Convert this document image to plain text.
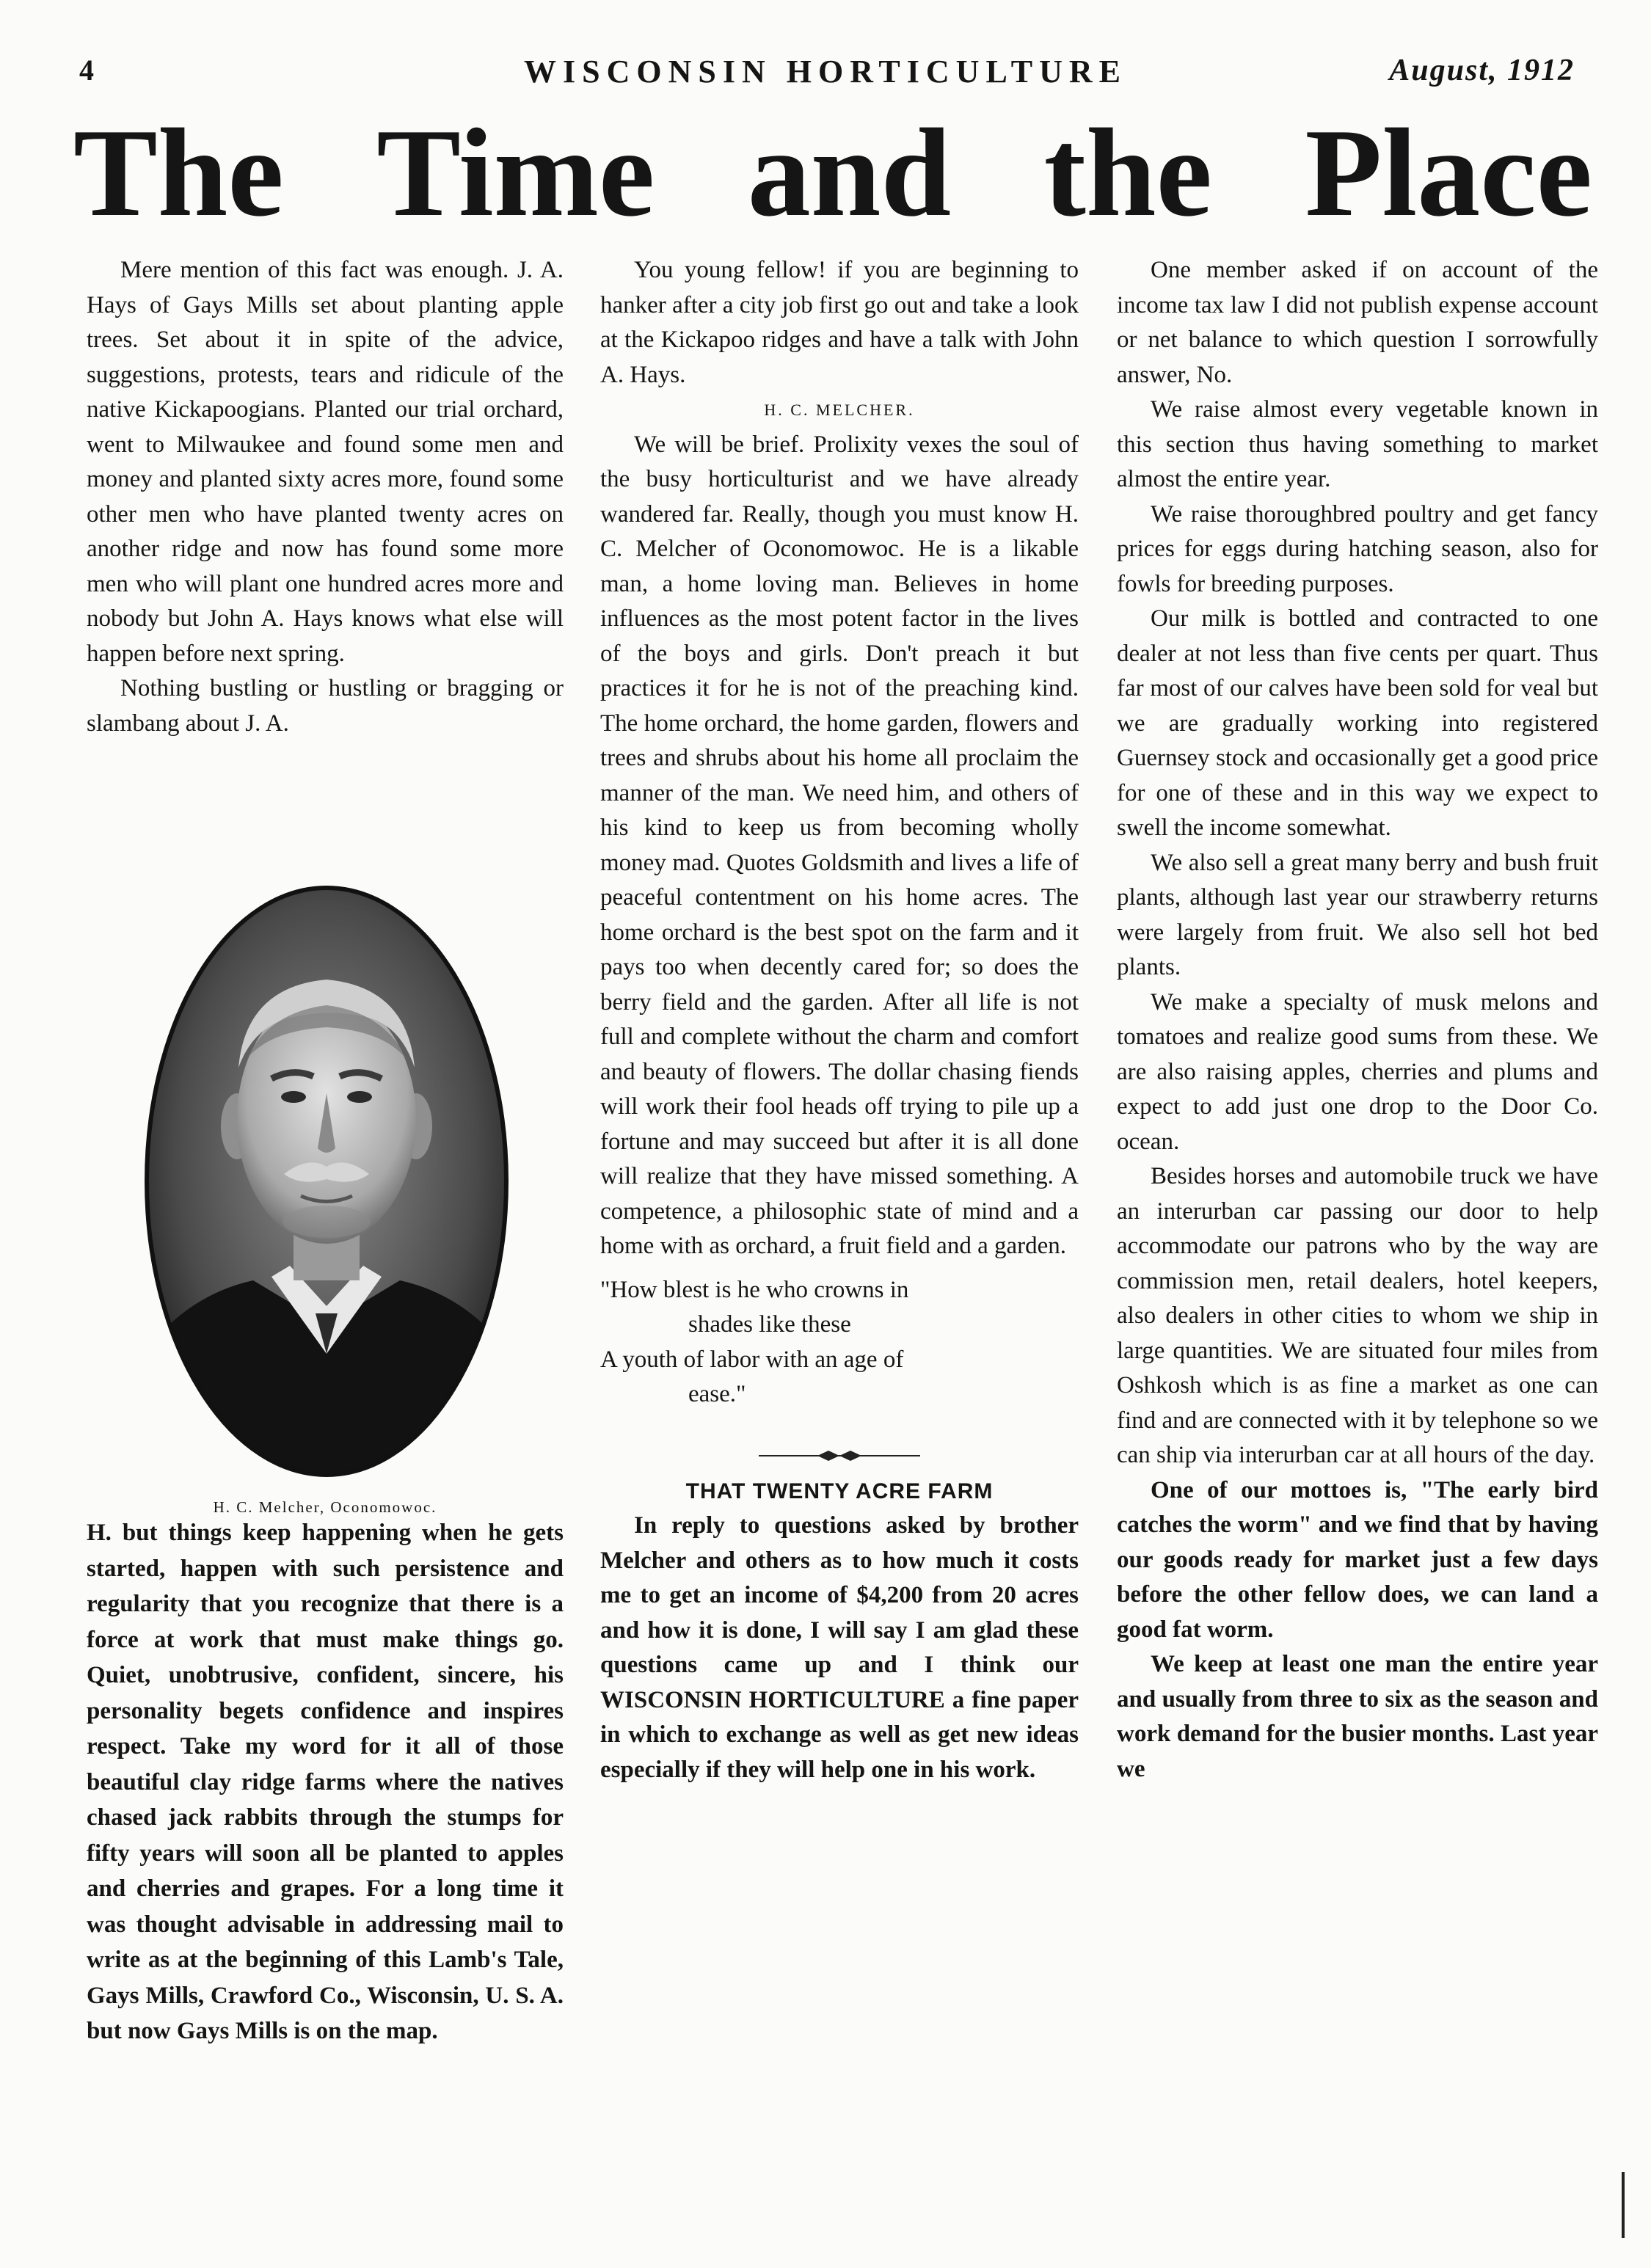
4	WISCONSIN HORTICULTURE	August, 1912
The Time and the Place

Mere mention of this fact was enough. J. A. Hays of Gays Mills set about planting apple trees. Set about it in spite of the advice, suggestions, protests, tears and ridicule of the native Kickapoogians. Planted our trial orchard, went to Milwaukee and found some men and money and planted sixty acres more, found some other men who have planted twenty acres on another ridge and now has found some more men who will plant one hundred acres more and nobody but John A. Hays knows what else will happen before next spring.

Nothing bustling or hustling or bragging or slambang about J. A.

H. C. Melcher, Oconomowoc.

H. but things keep happening when he gets started, happen with such persistence and regularity that you recognize that there is a force at work that must make things go. Quiet, unobtrusive, confident, sincere, his personality begets confidence and inspires respect. Take my word for it all of those beautiful clay ridge farms where the natives chased jack rabbits through the stumps for fifty years will soon all be planted to apples and cherries and grapes. For a long time it was thought advisable in addressing mail to write as at the beginning of this Lamb's Tale, Gays Mills, Crawford Co., Wisconsin, U. S. A. but now Gays Mills is on the map.

You young fellow! if you are beginning to hanker after a city job first go out and take a look at the Kickapoo ridges and have a talk with John A. Hays.

H. C. MELCHER.

We will be brief. Prolixity vexes the soul of the busy horticulturist and we have already wandered far. Really, though you must know H. C. Melcher of Oconomowoc. He is a likable man, a home loving man. Believes in home influences as the most potent factor in the lives of the boys and girls. Don't preach it but practices it for he is not of the preaching kind. The home orchard, the home garden, flowers and trees and shrubs about his home all proclaim the manner of the man. We need him, and others of his kind to keep us from becoming wholly money mad. Quotes Goldsmith and lives a life of peaceful contentment on his home acres. The home orchard is the best spot on the farm and it pays too when decently cared for; so does the berry field and the garden. After all life is not full and complete without the charm and comfort and beauty of flowers. The dollar chasing fiends will work their fool heads off trying to pile up a fortune and may succeed but after it is all done will realize that they have missed something. A competence, a philosophic state of mind and a home with as orchard, a fruit field and a garden.

"How blest is he who crowns in
shades like these
A youth of labor with an age of
ease."

THAT TWENTY ACRE FARM

In reply to questions asked by brother Melcher and others as to how much it costs me to get an income of $4,200 from 20 acres and how it is done, I will say I am glad these questions came up and I think our WISCONSIN HORTICULTURE a fine paper in which to exchange as well as get new ideas especially if they will help one in his work.

One member asked if on account of the income tax law I did not publish expense account or net balance to which question I sorrowfully answer, No.

We raise almost every vegetable known in this section thus having something to market almost the entire year.

We raise thoroughbred poultry and get fancy prices for eggs during hatching season, also for fowls for breeding purposes.

Our milk is bottled and contracted to one dealer at not less than five cents per quart. Thus far most of our calves have been sold for veal but we are gradually working into registered Guernsey stock and occasionally get a good price for one of these and in this way we expect to swell the income somewhat.

We also sell a great many berry and bush fruit plants, although last year our strawberry returns were largely from fruit. We also sell hot bed plants.

We make a specialty of musk melons and tomatoes and realize good sums from these. We are also raising apples, cherries and plums and expect to add just one drop to the Door Co. ocean.

Besides horses and automobile truck we have an interurban car passing our door to help accommodate our patrons who by the way are commission men, retail dealers, hotel keepers, also dealers in other cities to whom we ship in large quantities. We are situated four miles from Oshkosh which is as fine a market as one can find and are connected with it by telephone so we can ship via interurban car at all hours of the day.

One of our mottoes is, "The early bird catches the worm" and we find that by having our goods ready for market just a few days before the other fellow does, we can land a good fat worm.

We keep at least one man the entire year and usually from three to six as the season and work demand for the busier months. Last year we
